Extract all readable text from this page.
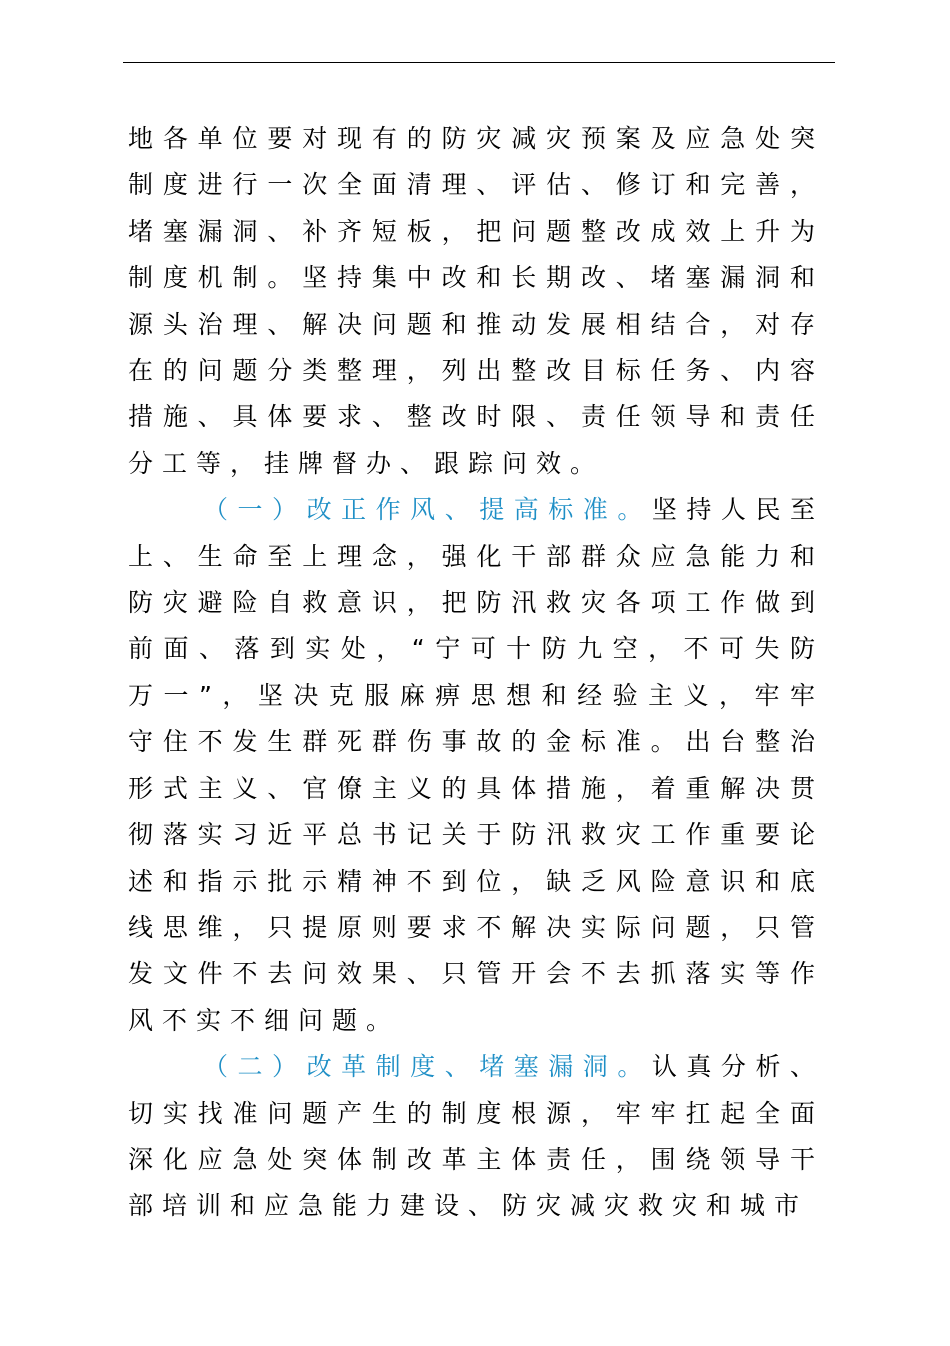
地各单位要对现有的防灾减灾预案及应急处突制度进行一次全面清理、评估、修订和完善，堵塞漏洞、补齐短板，把问题整改成效上升为制度机制。坚持集中改和长期改、堵塞漏洞和源头治理、解决问题和推动发展相结合，对存在的问题分类整理，列出整改目标任务、内容措施、具体要求、整改时限、责任领导和责任分工等，挂牌督办、跟踪问效。

（一）改正作风、提高标准。坚持人民至上、生命至上理念，强化干部群众应急能力和防灾避险自救意识，把防汛救灾各项工作做到前面、落到实处，“宁可十防九空，不可失防万一”，坚决克服麻痹思想和经验主义，牢牢守住不发生群死群伤事故的金标准。出台整治形式主义、官僚主义的具体措施，着重解决贯彻落实习近平总书记关于防汛救灾工作重要论述和指示批示精神不到位，缺乏风险意识和底线思维，只提原则要求不解决实际问题，只管发文件不去问效果、只管开会不去抓落实等作风不实不细问题。

（二）改革制度、堵塞漏洞。认真分析、切实找准问题产生的制度根源，牢牢扛起全面深化应急处突体制改革主体责任，围绕领导干部培训和应急能力建设、防灾减灾救灾和城市
